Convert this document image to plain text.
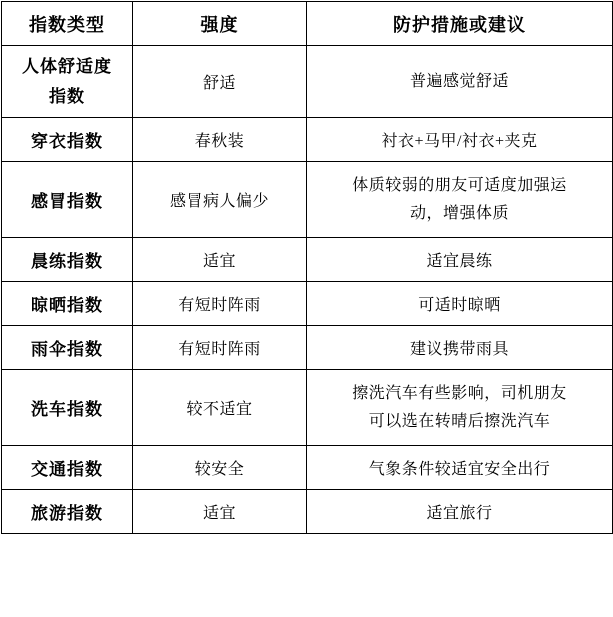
指数类型	强度	防护措施或建议

人体舒适度
指数	舒适	普遍感觉舒适

穿衣指数	春秋装	衬衣+马甲/衬衣+夹克
感冒指数	感冒病人偏少	体质较弱的朋友可适度加强运
动，增强体质

晨练指数	适宜	适宜晨练
晾晒指数	有短时阵雨	可适时晾晒
雨伞指数	有短时阵雨	建议携带雨具
洗车指数	较不适宜	擦洗汽车有些影响，司机朋友
可以选在转晴后擦洗汽车

交通指数	较安全	气象条件较适宜安全出行
旅游指数	适宜	适宜旅行
